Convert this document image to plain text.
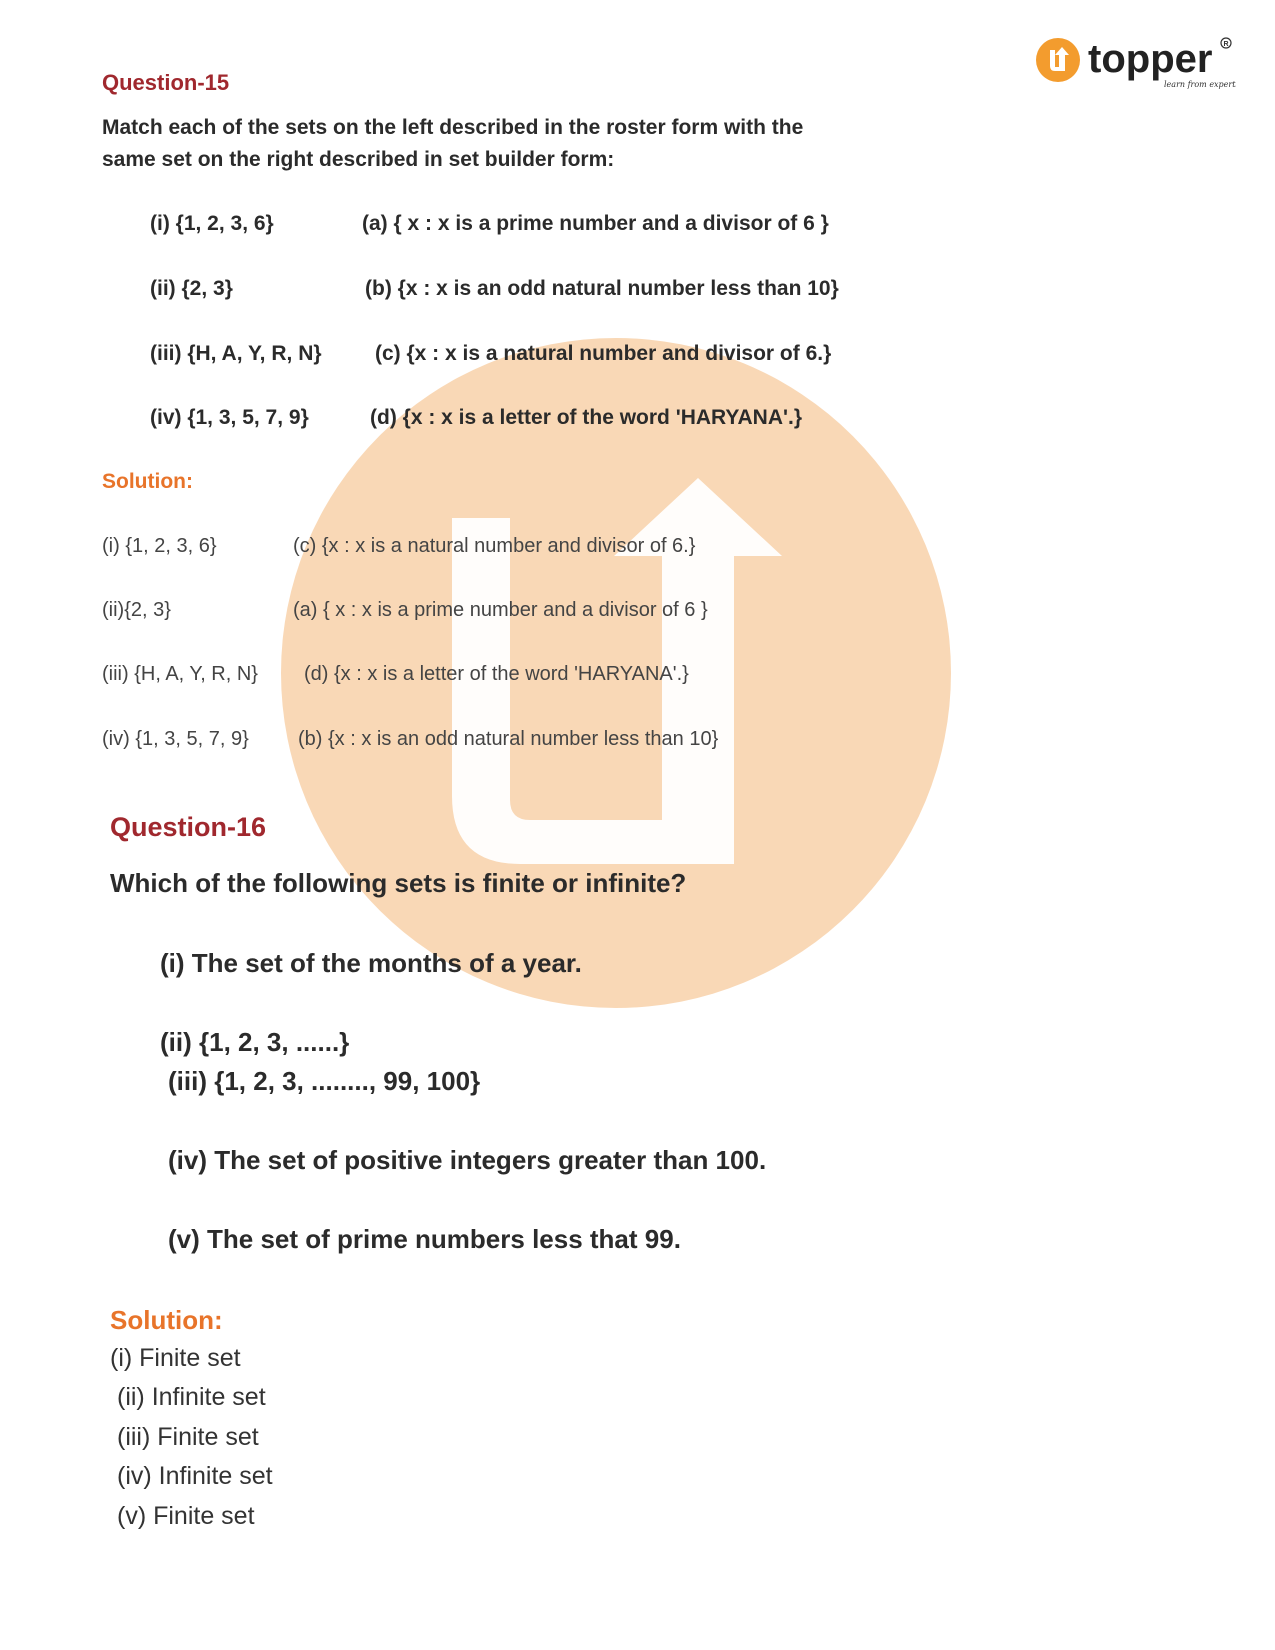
topper
learn from experts
R
Question-15
Match each of the sets on the left described in the roster form with the
same set on the right described in set builder form:
(i) {1, 2, 3, 6}	(a) { x : x is a prime number and a divisor of 6 }
(ii) {2, 3}	(b) {x : x is an odd natural number less than 10}
(iii) {H, A, Y, R, N}	(c) {x : x is a natural number and divisor of 6.}
(iv) {1, 3, 5, 7, 9}	(d) {x : x is a letter of the word 'HARYANA'.}
Solution:
(i) {1, 2, 3, 6}	(c) {x : x is a natural number and divisor of 6.}
(ii){2, 3}	(a) { x : x is a prime number and a divisor of 6 }
(iii) {H, A, Y, R, N} (d) {x : x is a letter of the word 'HARYANA'.}
(iv) {1, 3, 5, 7, 9} (b) {x : x is an odd natural number less than 10}
Question-16
Which of the following sets is finite or infinite?
(i) The set of the months of a year.
(ii) {1, 2, 3, ......}
(iii) {1, 2, 3, ........, 99, 100}
(iv) The set of positive integers greater than 100.
(v) The set of prime numbers less that 99.
Solution:
(i) Finite set
(ii) Infinite set
(iii) Finite set
(iv) Infinite set
(v) Finite set
